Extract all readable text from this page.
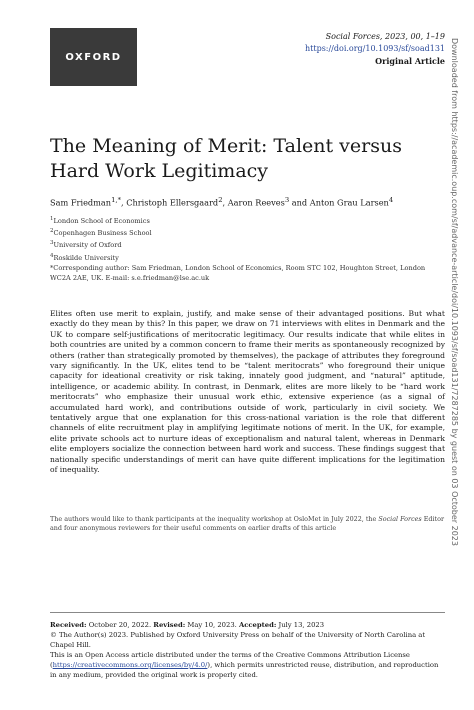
OXFORD
Social Forces, 2023, 00, 1–19
https://doi.org/10.1093/sf/soad131
Original Article
The Meaning of Merit: Talent versus Hard Work Legitimacy
Sam Friedman$^{1,*}$, Christoph Ellersgaard$^2$, Aaron Reeves$^3$ and Anton Grau Larsen$^4$
$^1$London School of Economics
$^2$Copenhagen Business School
$^3$University of Oxford
$^4$Roskilde University
*Corresponding author: Sam Friedman, London School of Economics, Room STC 102, Houghton Street, London WC2A 2AE, UK. E-mail: s.e.friedman@lse.ac.uk

Elites often use merit to explain, justify, and make sense of their advantaged positions. But what exactly do they mean by this? In this paper, we draw on 71 interviews with elites in Denmark and the UK to compare self-justifications of meritocratic legitimacy. Our results indicate that while elites in both countries are united by a common concern to frame their merits as spontaneously recognized by others (rather than strategically promoted by themselves), the package of attributes they foreground vary significantly. In the UK, elites tend to be “talent meritocrats” who foreground their unique capacity for ideational creativity or risk taking, innately good judgment, and “natural” aptitude, intelligence, or academic ability. In contrast, in Denmark, elites are more likely to be “hard work meritocrats” who emphasize their unusual work ethic, extensive experience (as a signal of accumulated hard work), and contributions outside of work, particularly in civil society. We tentatively argue that one explanation for this cross-national variation is the role that different channels of elite recruitment play in amplifying legitimate notions of merit. In the UK, for example, elite private schools act to nurture ideas of exceptionalism and natural talent, whereas in Denmark elite employers socialize the connection between hard work and success. These findings suggest that nationally specific understandings of merit can have quite different implications for the legitimation of inequality.

The authors would like to thank participants at the inequality workshop at OsloMet in July 2022, the Social Forces Editor and four anonymous reviewers for their useful comments on earlier drafts of this article
Received: October 20, 2022. Revised: May 10, 2023. Accepted: July 13, 2023
© The Author(s) 2023. Published by Oxford University Press on behalf of the University of North Carolina at Chapel Hill.
This is an Open Access article distributed under the terms of the Creative Commons Attribution License (https://creativecommons.org/licenses/by/4.0/), which permits unrestricted reuse, distribution, and reproduction in any medium, provided the original work is properly cited.
Downloaded from https://academic.oup.com/sf/advance-article/doi/10.1093/sf/soad131/7287285 by guest on 03 October 2023
